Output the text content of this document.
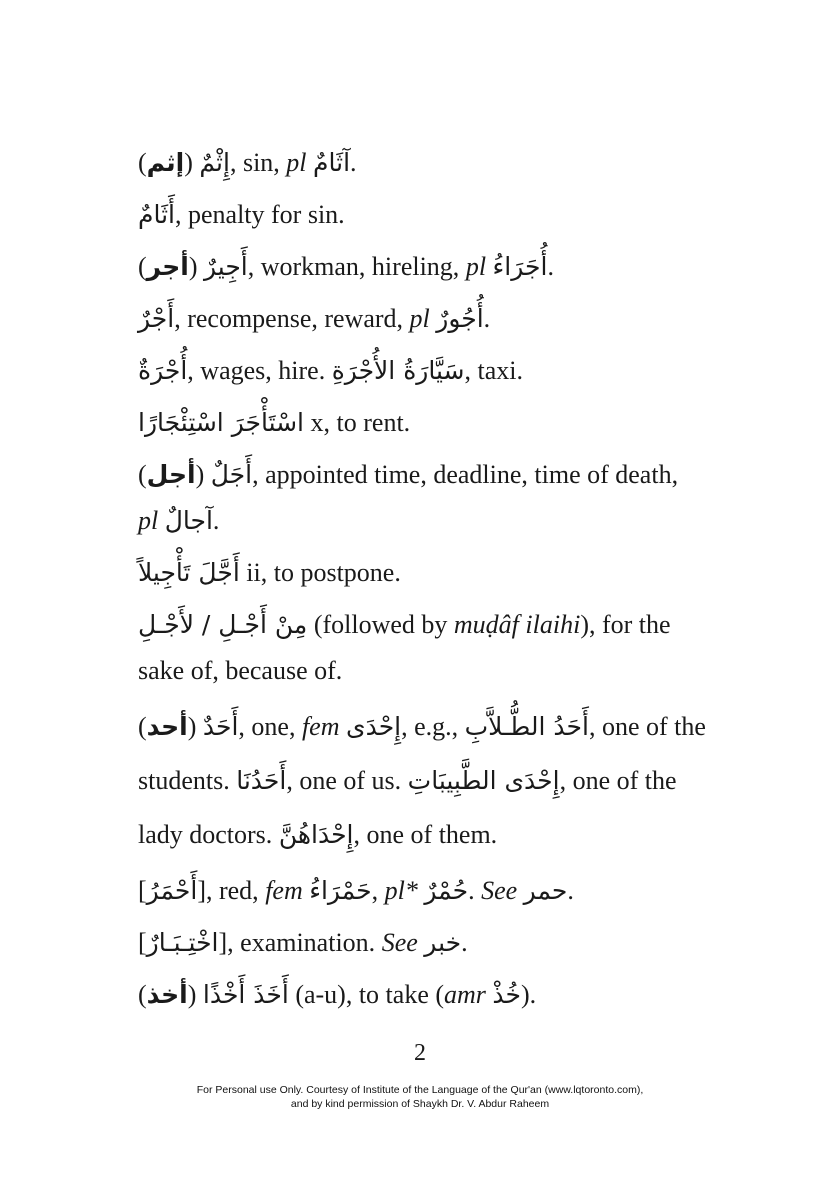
(إثم) إِثْمٌ, sin, pl آثَامٌ.
أَثَامٌ, penalty for sin.
(أجر) أَجِيرٌ, workman, hireling, pl أُجَرَاءُ.
أَجْرٌ, recompense, reward, pl أُجُورٌ.
أُجْرَةٌ, wages, hire. سَيَّارَةُ الأُجْرَةِ, taxi.
اسْتَأْجَرَ اسْتِئْجَارًا x, to rent.
(أجل) أَجَلٌ, appointed time, deadline, time of death,
pl آجالٌ.
أَجَّلَ تَأْجِيلاً ii, to postpone.
مِنْ أَجْـلِ / لأَجْـلِ (followed by muḍâf ilaihi), for the sake of, because of.
(أحد) أَحَدٌ, one, fem إِحْدَى, e.g., أَحَدُ الطُّـلاَّبِ, one of the students. أَحَدُنَا, one of us. إِحْدَى الطَّبِيبَاتِ, one of the lady doctors. إِحْدَاهُنَّ, one of them.
[أَحْمَرُ], red, fem حَمْرَاءُ, pl* حُمْرٌ. See حمر.
[اخْتِـبَـارٌ], examination. See خبر.
(أخذ) أَخَذَ أَخْذًا (a-u), to take (amr خُذْ).
2
For Personal use Only. Courtesy of Institute of the Language of the Qur'an (www.lqtoronto.com),
and by kind permission of Shaykh Dr. V. Abdur Raheem
